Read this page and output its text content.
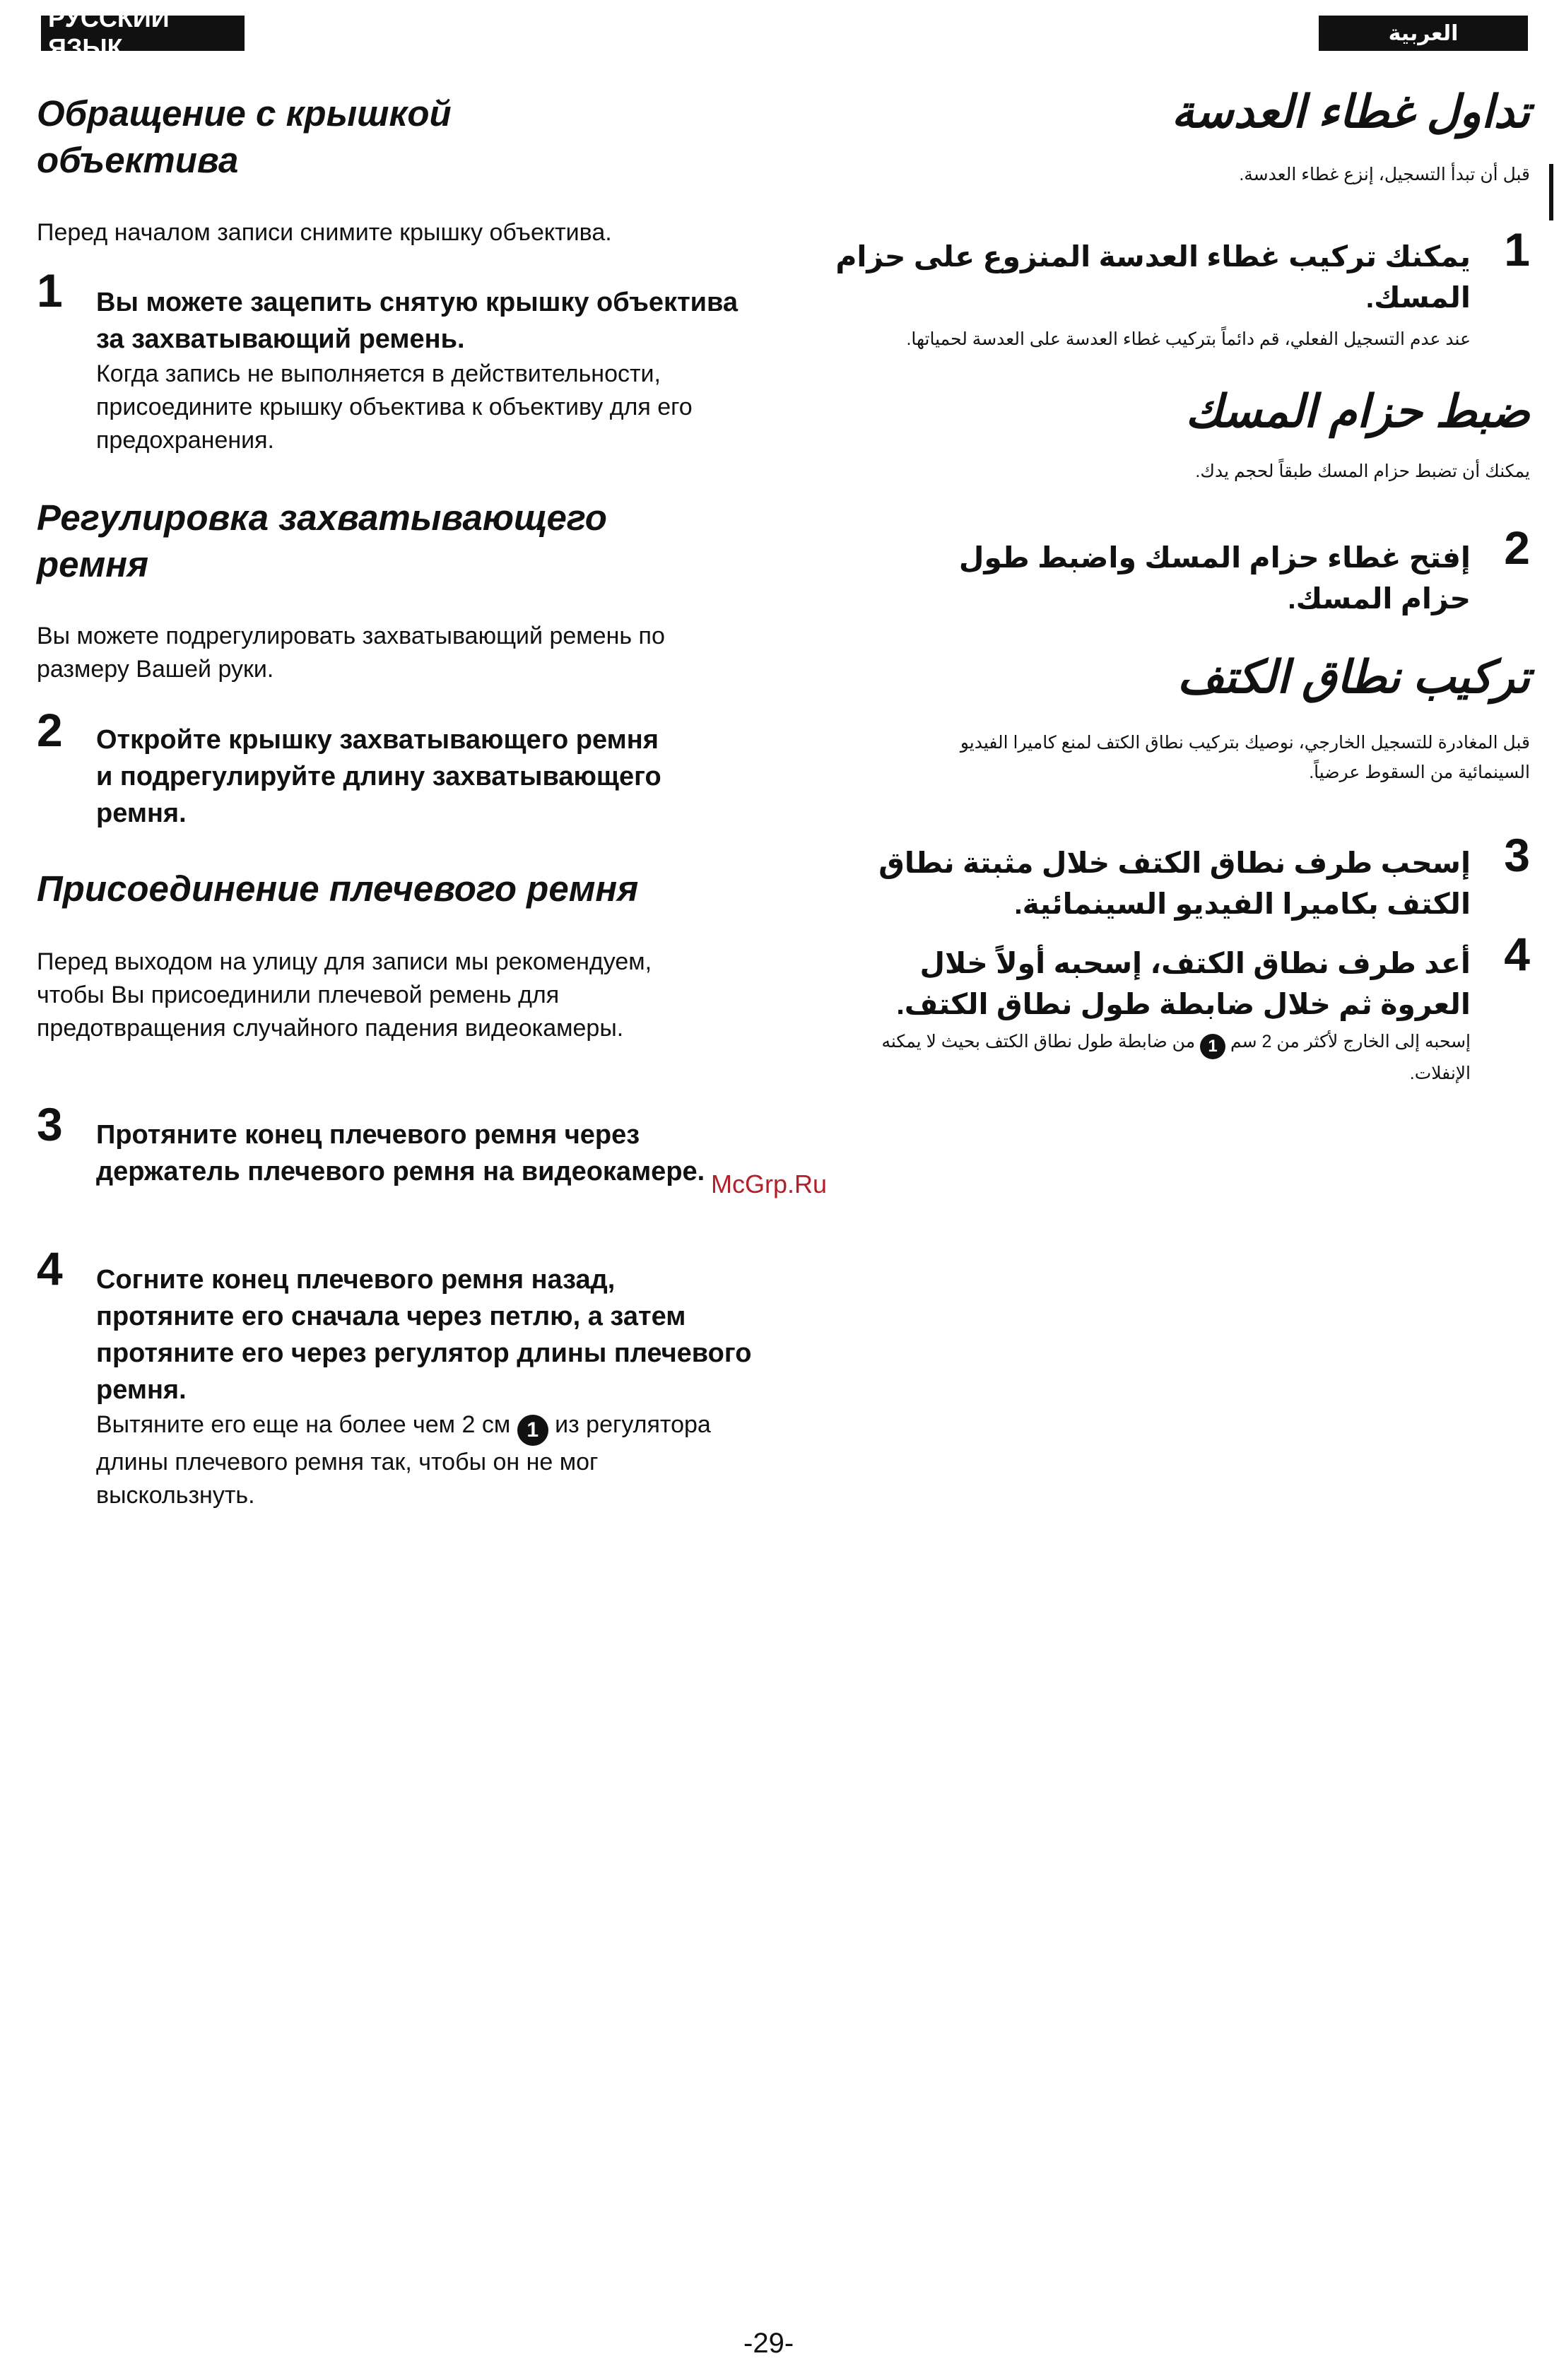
РУССКИЙ ЯЗЫК	العربية
Обращение с крышкой объектива

Перед началом записи снимите крышку объектива.

1 Вы можете зацепить снятую крышку объектива за захватывающий ремень.
Когда запись не выполняется в действительности, присоедините крышку объектива к объективу для его предохранения.

Регулировка захватывающего ремня

Вы можете подрегулировать захватывающий ремень по размеру Вашей руки.

2 Откройте крышку захватывающего ремня и подрегулируйте длину захватывающего ремня.

Присоединение плечевого ремня

Перед выходом на улицу для записи мы рекомендуем, чтобы Вы присоединили плечевой ремень для предотвращения случайного падения видеокамеры.

3 Протяните конец плечевого ремня через держатель плечевого ремня на видеокамере.

4 Согните конец плечевого ремня назад, протяните его сначала через петлю, а затем протяните его через регулятор длины плечевого ремня.
Вытяните его еще на более чем 2 см 1 из регулятора длины плечевого ремня так, чтобы он не мог выскользнуть.

تداول غطاء العدسة

قبل أن تبدأ التسجيل، إنزع غطاء العدسة.

1

يمكنك تركيب غطاء العدسة المنزوع على حزام المسك.

عند عدم التسجيل الفعلي، قم دائماً بتركيب غطاء العدسة على العدسة لحمياتها.

ضبط حزام المسك

يمكنك أن تضبط حزام المسك طبقاً لحجم يدك.

2

إفتح غطاء حزام المسك واضبط طول حزام المسك.

تركيب نطاق الكتف

قبل المغادرة للتسجيل الخارجي، نوصيك بتركيب نطاق الكتف لمنع كاميرا الفيديو السينمائية من السقوط عرضياً.

3

إسحب طرف نطاق الكتف خلال مثبتة نطاق الكتف بكاميرا الفيديو السينمائية.

4

أعد طرف نطاق الكتف، إسحبه أولاً خلال العروة ثم خلال ضابطة طول نطاق الكتف.

إسحبه إلى الخارج لأكثر من 2 سم 1 من ضابطة طول نطاق الكتف بحيث لا يمكنه الإنفلات.

McGrp.Ru
-29-
